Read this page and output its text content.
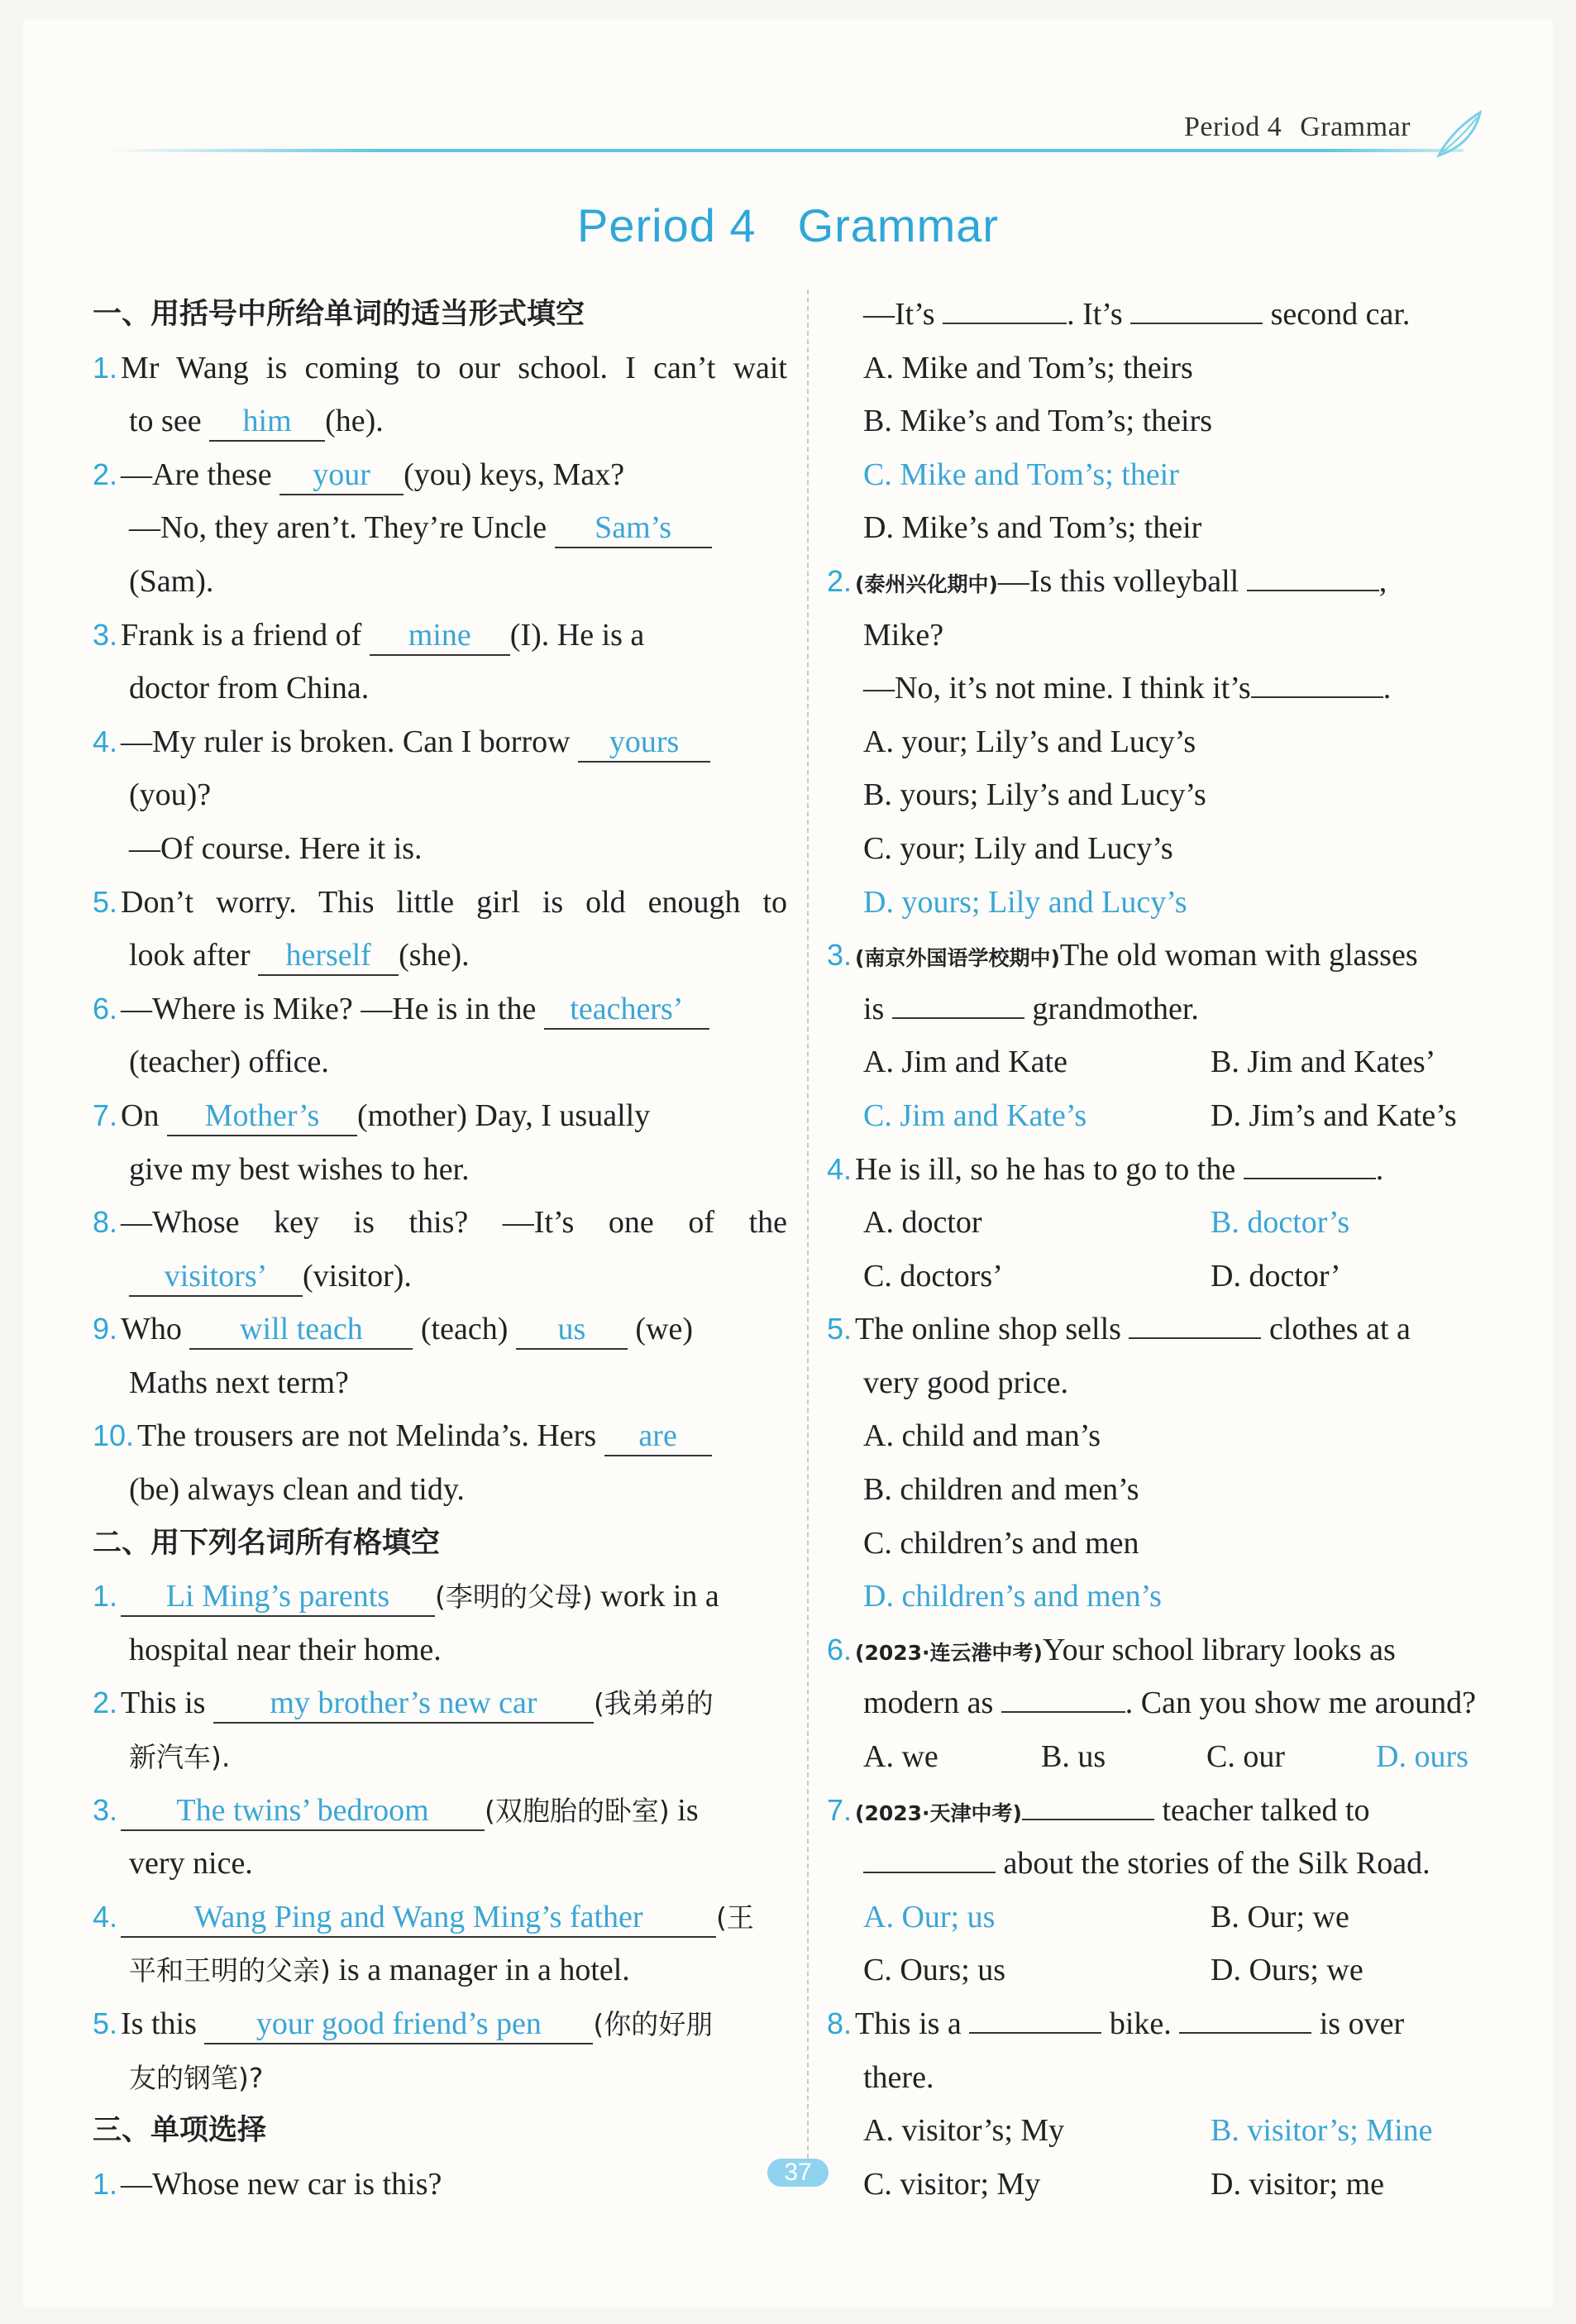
Period 4 Grammar
Period 4 Grammar
一、用括号中所给单词的适当形式填空
1. Mr Wang is coming to our school. I can’t wait
to see him (he).
2. —Are these your (you) keys, Max?
—No, they aren’t. They’re Uncle Sam’s
(Sam).
3. Frank is a friend of mine (I). He is a
doctor from China.
4. —My ruler is broken. Can I borrow yours
(you)?
—Of course. Here it is.
5. Don’t worry. This little girl is old enough to
look after herself (she).
6. —Where is Mike? —He is in the teachers’
(teacher) office.
7. On Mother’s (mother) Day, I usually
give my best wishes to her.
8. —Whose key is this? —It’s one of the
visitors’ (visitor).
9. Who will teach (teach) us (we)
Maths next term?
10. The trousers are not Melinda’s. Hers are
(be) always clean and tidy.
二、用下列名词所有格填空
1. Li Ming’s parents (李明的父母) work in a
hospital near their home.
2. This is my brother’s new car (我弟弟的
新汽车).
3. The twins’ bedroom (双胞胎的卧室) is
very nice.
4. Wang Ping and Wang Ming’s father	(王
平和王明的父亲) is a manager in a hotel.
5. Is this your good friend’s pen (你的好朋
友的钢笔)?
三、单项选择
1. —Whose new car is this?
—It’s	. It’s	second car.
A. Mike and Tom’s; theirs
B. Mike’s and Tom’s; theirs
C. Mike and Tom’s; their
D. Mike’s and Tom’s; their
2. (泰州兴化期中)—Is this volleyball	,
Mike?
—No, it’s not mine. I think it’s	.
A. your; Lily’s and Lucy’s
B. yours; Lily’s and Lucy’s
C. your; Lily and Lucy’s
D. yours; Lily and Lucy’s
3. (南京外国语学校期中)The old woman with glasses
is	grandmother.
A. Jim and Kate	B. Jim and Kates’
C. Jim and Kate’s	D. Jim’s and Kate’s
4. He is ill, so he has to go to the	.
A. doctor	B. doctor’s
C. doctors’	D. doctor’
5. The online shop sells	clothes at a
very good price.
A. child and man’s
B. children and men’s
C. children’s and men
D. children’s and men’s
6. (2023·连云港中考)Your school library looks as
modern as	. Can you show me around?
A. we	B. us	C. our	D. ours
7. (2023·天津中考)	teacher talked to
about the stories of the Silk Road.
A. Our; us	B. Our; we
C. Ours; us	D. Ours; we
8. This is a	bike.	is over
there.
A. visitor’s; My	B. visitor’s; Mine
C. visitor; My	D. visitor; me
37
